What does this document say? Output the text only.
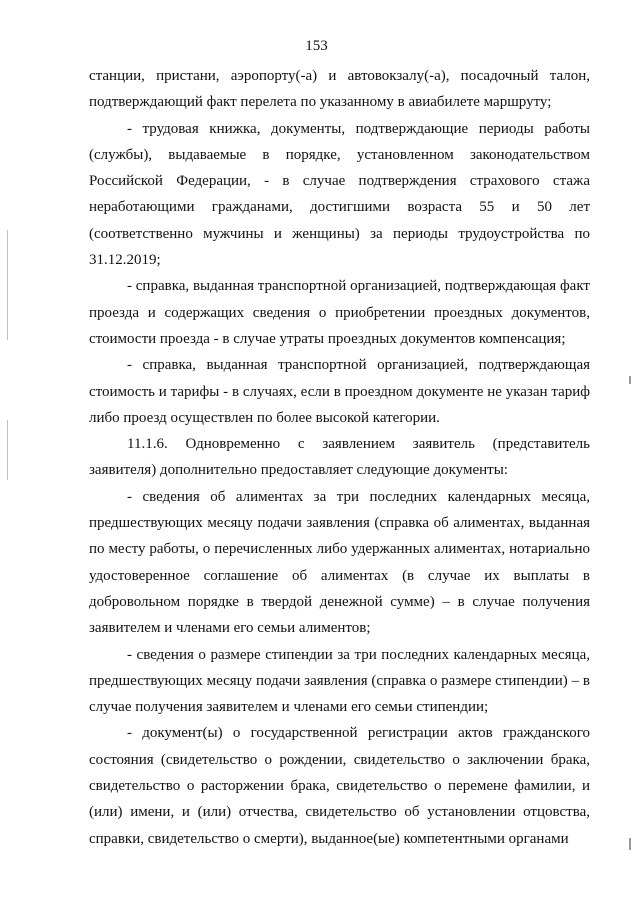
153

станции, пристани, аэропорту(-а) и автовокзалу(-а), посадочный талон, подтверждающий факт перелета по указанному в авиабилете маршруту;

- трудовая книжка, документы, подтверждающие периоды работы (службы), выдаваемые в порядке, установленном законодательством Российской Федерации, - в случае подтверждения страхового стажа неработающими гражданами, достигшими возраста 55 и 50 лет (соответственно мужчины и женщины) за периоды трудоустройства по 31.12.2019;

- справка, выданная транспортной организацией, подтверждающая факт проезда и содержащих сведения о приобретении проездных документов, стоимости проезда - в случае утраты проездных документов компенсация;

- справка, выданная транспортной организацией, подтверждающая стоимость и тарифы - в случаях, если в проездном документе не указан тариф либо проезд осуществлен по более высокой категории.

11.1.6. Одновременно с заявлением заявитель (представитель заявителя) дополнительно предоставляет следующие документы:

- сведения об алиментах за три последних календарных месяца, предшествующих месяцу подачи заявления (справка об алиментах, выданная по месту работы, о перечисленных либо удержанных алиментах, нотариально удостоверенное соглашение об алиментах (в случае их выплаты в добровольном порядке в твердой денежной сумме) – в случае получения заявителем и членами его семьи алиментов;

- сведения о размере стипендии за три последних календарных месяца, предшествующих месяцу подачи заявления (справка о размере стипендии) – в случае получения заявителем и членами его семьи стипендии;

- документ(ы) о государственной регистрации актов гражданского состояния (свидетельство о рождении, свидетельство о заключении брака, свидетельство о расторжении брака, свидетельство о перемене фамилии, и (или) имени, и (или) отчества, свидетельство об установлении отцовства, справки, свидетельство о смерти), выданное(ые) компетентными органами
